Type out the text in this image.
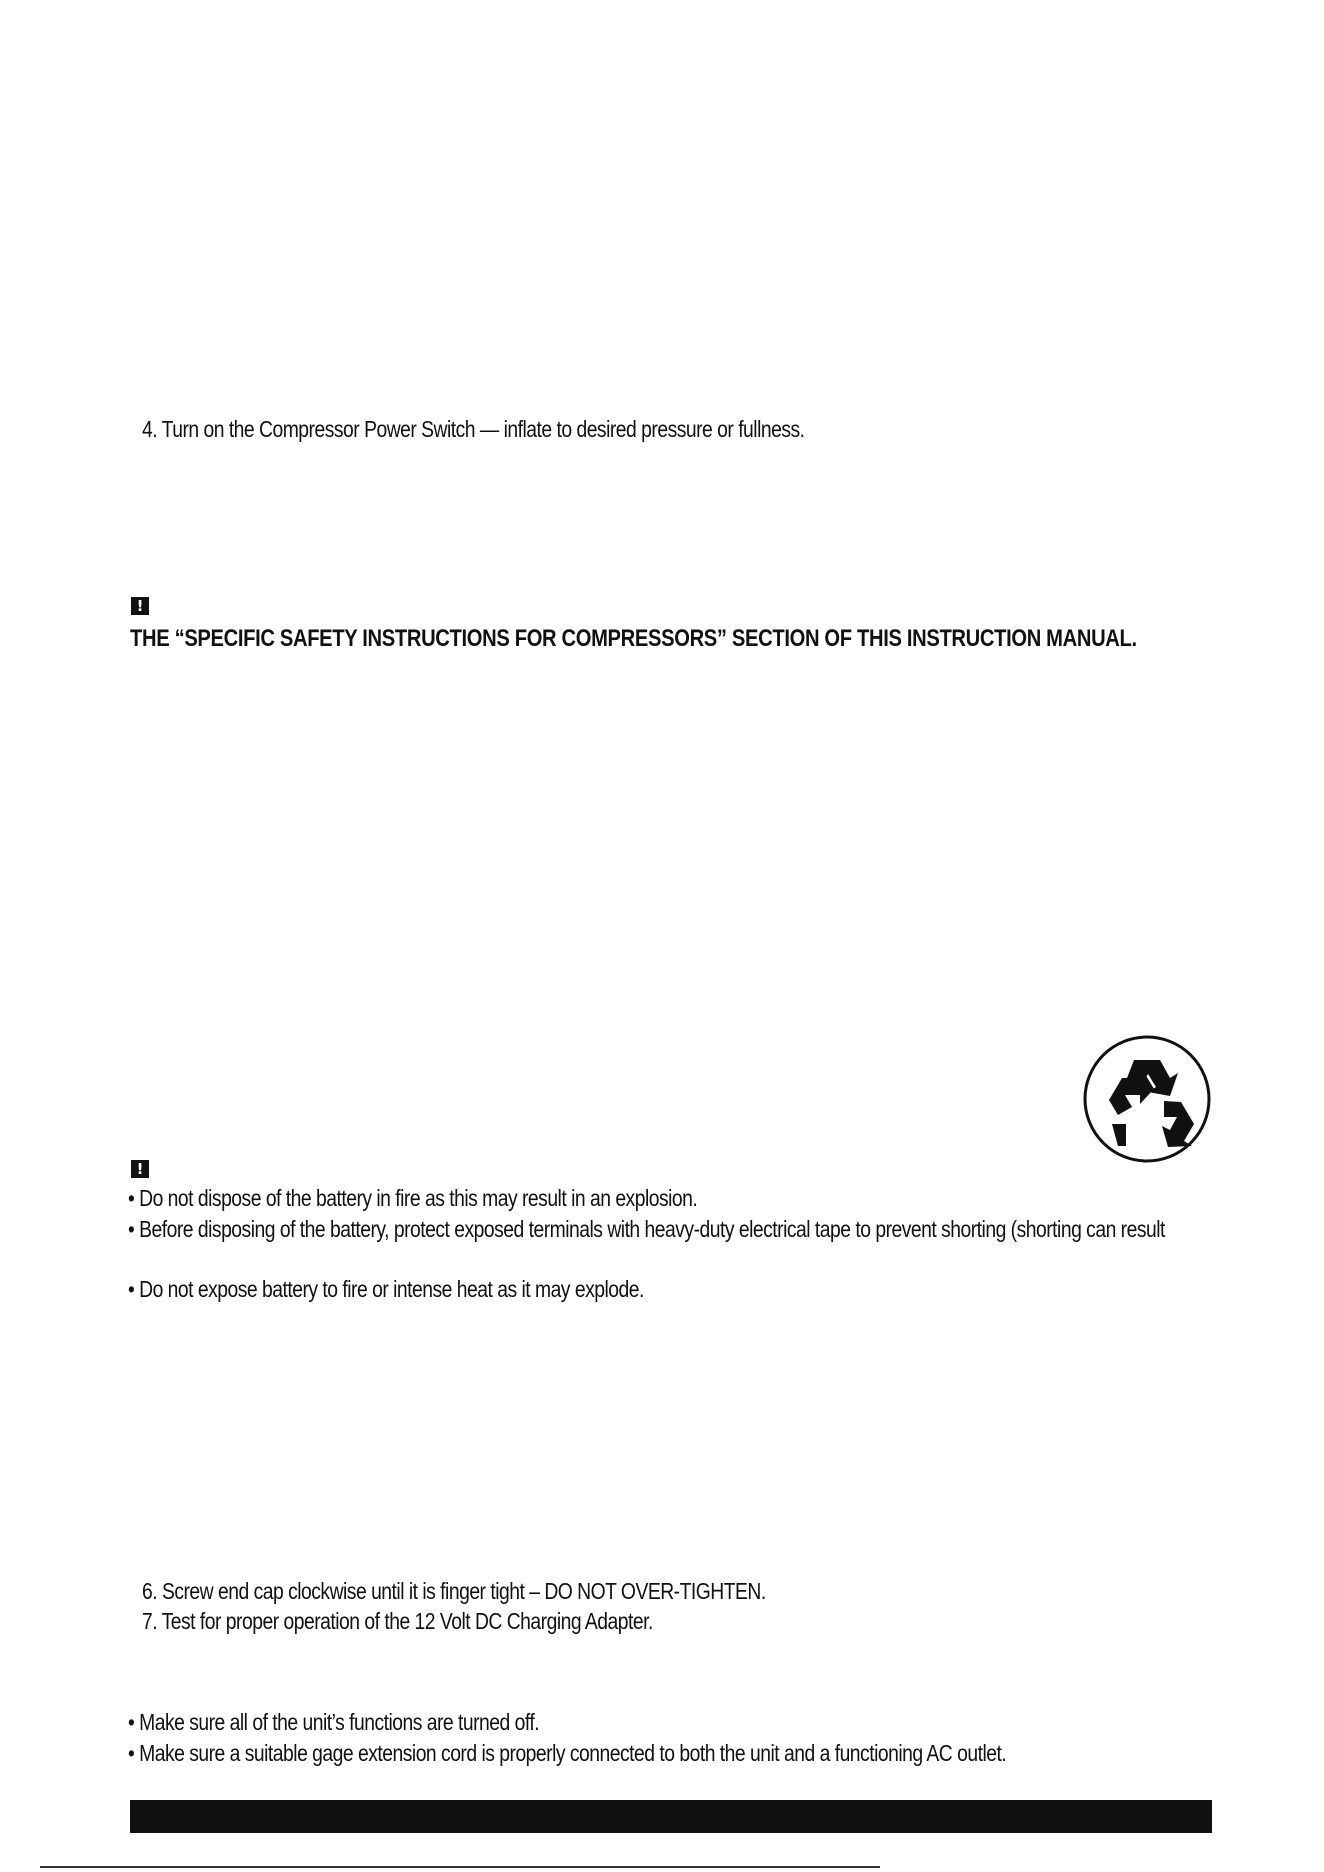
4. Turn on the Compressor Power Switch — inflate to desired pressure or fullness.
!
THE “SPECIFIC SAFETY INSTRUCTIONS FOR COMPRESSORS” SECTION OF THIS INSTRUCTION MANUAL.
!
• Do not dispose of the battery in fire as this may result in an explosion.
• Before disposing of the battery, protect exposed terminals with heavy-duty electrical tape to prevent shorting (shorting can result
• Do not expose battery to fire or intense heat as it may explode.
6. Screw end cap clockwise until it is finger tight – DO NOT OVER-TIGHTEN.
7. Test for proper operation of the 12 Volt DC Charging Adapter.
• Make sure all of the unit’s functions are turned off.
• Make sure a suitable gage extension cord is properly connected to both the unit and a functioning AC outlet.
